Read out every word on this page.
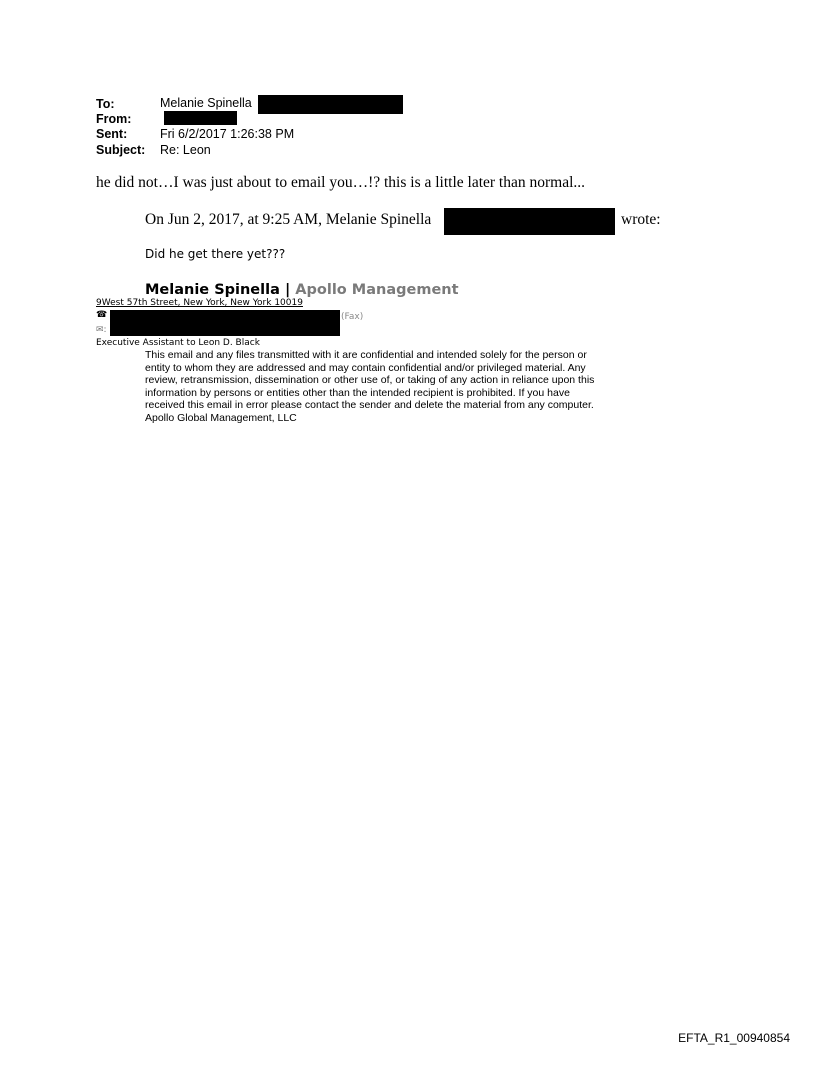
To:	Melanie Spinella
From:
Sent:	Fri 6/2/2017 1:26:38 PM
Subject: Re: Leon
he did not…I was just about to email you…!? this is a little later than normal...
On Jun 2, 2017, at 9:25 AM, Melanie Spinella	wrote:
Did he get there yet???
Melanie Spinella | Apollo Management
9West 57th Street, New York, New York 10019
☎	(Fax)
✉:
Executive Assistant to Leon D. Black
This email and any files transmitted with it are confidential and intended solely for the person or
entity to whom they are addressed and may contain confidential and/or privileged material. Any
review, retransmission, dissemination or other use of, or taking of any action in reliance upon this
information by persons or entities other than the intended recipient is prohibited. If you have
received this email in error please contact the sender and delete the material from any computer.
Apollo Global Management, LLC
EFTA_R1_00940854
